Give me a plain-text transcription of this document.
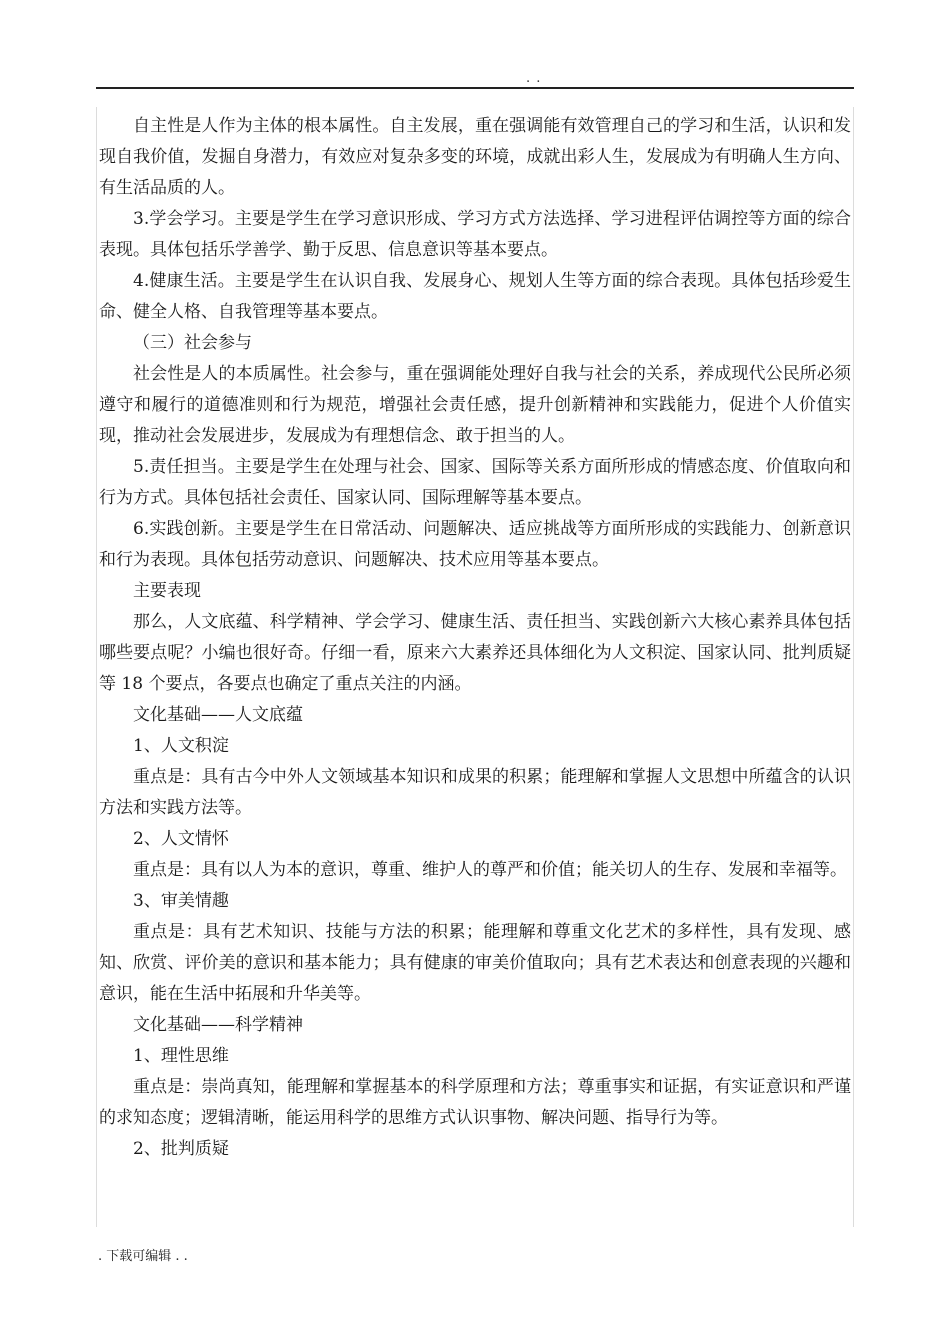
. .

自主性是人作为主体的根本属性。自主发展，重在强调能有效管理自己的学习和生活，认识和发现自我价值，发掘自身潜力，有效应对复杂多变的环境，成就出彩人生，发展成为有明确人生方向、有生活品质的人。

3.学会学习。主要是学生在学习意识形成、学习方式方法选择、学习进程评估调控等方面的综合表现。具体包括乐学善学、勤于反思、信息意识等基本要点。

4.健康生活。主要是学生在认识自我、发展身心、规划人生等方面的综合表现。具体包括珍爱生命、健全人格、自我管理等基本要点。

（三）社会参与

社会性是人的本质属性。社会参与，重在强调能处理好自我与社会的关系，养成现代公民所必须遵守和履行的道德准则和行为规范，增强社会责任感，提升创新精神和实践能力，促进个人价值实现，推动社会发展进步，发展成为有理想信念、敢于担当的人。

5.责任担当。主要是学生在处理与社会、国家、国际等关系方面所形成的情感态度、价值取向和行为方式。具体包括社会责任、国家认同、国际理解等基本要点。

6.实践创新。主要是学生在日常活动、问题解决、适应挑战等方面所形成的实践能力、创新意识和行为表现。具体包括劳动意识、问题解决、技术应用等基本要点。

主要表现

那么，人文底蕴、科学精神、学会学习、健康生活、责任担当、实践创新六大核心素养具体包括哪些要点呢？小编也很好奇。仔细一看，原来六大素养还具体细化为人文积淀、国家认同、批判质疑等 18 个要点，各要点也确定了重点关注的内涵。

文化基础——人文底蕴

1、人文积淀

重点是：具有古今中外人文领域基本知识和成果的积累；能理解和掌握人文思想中所蕴含的认识方法和实践方法等。

2、人文情怀

重点是：具有以人为本的意识，尊重、维护人的尊严和价值；能关切人的生存、发展和幸福等。

3、审美情趣

重点是：具有艺术知识、技能与方法的积累；能理解和尊重文化艺术的多样性，具有发现、感知、欣赏、评价美的意识和基本能力；具有健康的审美价值取向；具有艺术表达和创意表现的兴趣和意识，能在生活中拓展和升华美等。

文化基础——科学精神

1、理性思维

重点是：崇尚真知，能理解和掌握基本的科学原理和方法；尊重事实和证据，有实证意识和严谨的求知态度；逻辑清晰，能运用科学的思维方式认识事物、解决问题、指导行为等。

2、批判质疑

. 下载可编辑 . .
